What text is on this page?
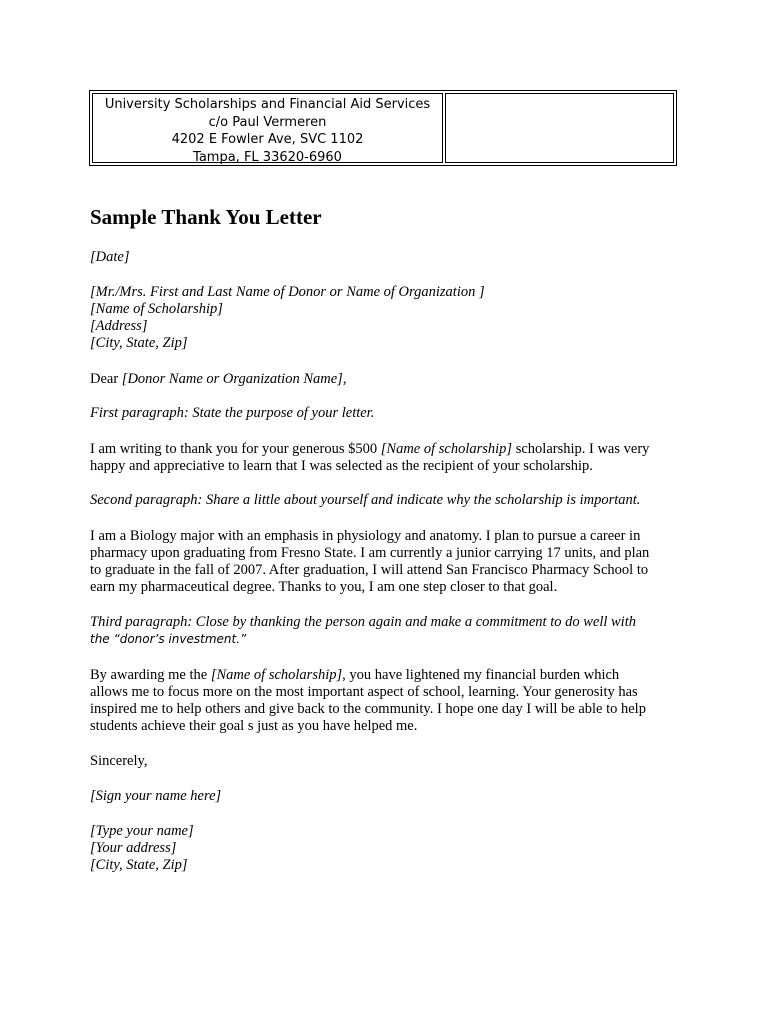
University Scholarships and Financial Aid Services
c/o Paul Vermeren
4202 E Fowler Ave, SVC 1102
Tampa, FL 33620-6960
Sample Thank You Letter
[Date]
[Mr./Mrs. First and Last Name of Donor or Name of Organization ]
[Name of Scholarship]
[Address]
[City, State, Zip]
Dear [Donor Name or Organization Name],
First paragraph: State the purpose of your letter.
I am writing to thank you for your generous $500 [Name of scholarship] scholarship. I was very
happy and appreciative to learn that I was selected as the recipient of your scholarship.
Second paragraph: Share a little about yourself and indicate why the scholarship is important.
I am a Biology major with an emphasis in physiology and anatomy. I plan to pursue a career in
pharmacy upon graduating from Fresno State. I am currently a junior carrying 17 units, and plan
to graduate in the fall of 2007. After graduation, I will attend San Francisco Pharmacy School to
earn my pharmaceutical degree. Thanks to you, I am one step closer to that goal.
Third paragraph: Close by thanking the person again and make a commitment to do well with
the “donor’s investment.”
By awarding me the [Name of scholarship], you have lightened my financial burden which
allows me to focus more on the most important aspect of school, learning. Your generosity has
inspired me to help others and give back to the community. I hope one day I will be able to help
students achieve their goal s just as you have helped me.
Sincerely,
[Sign your name here]
[Type your name]
[Your address]
[City, State, Zip]
